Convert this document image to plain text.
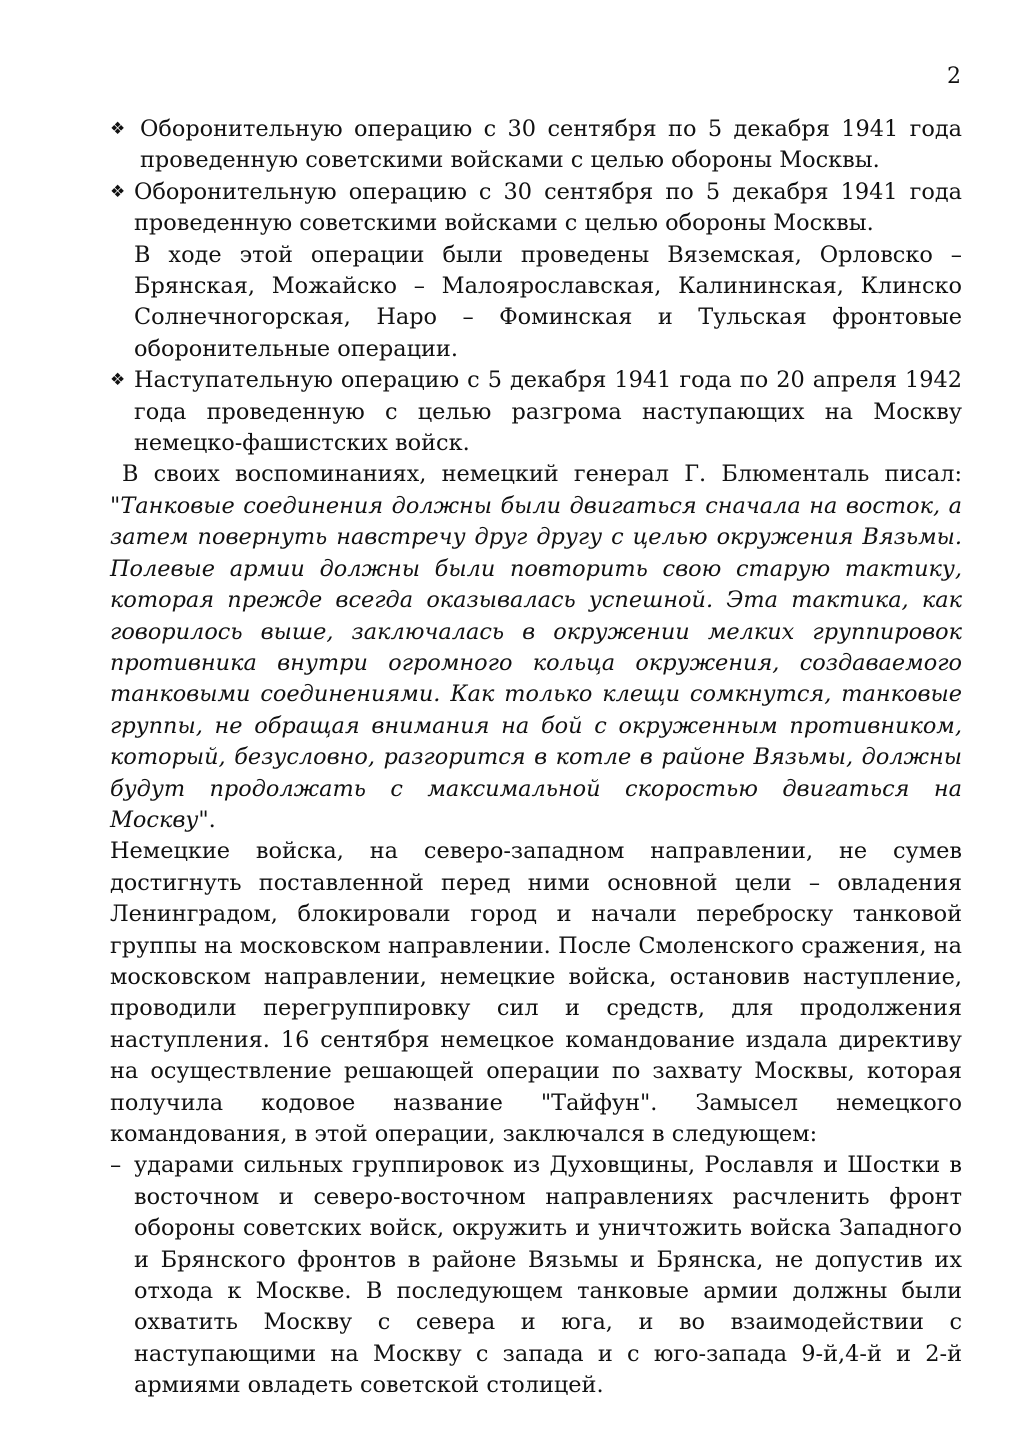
2
❖ Оборонительную операцию с 30 сентября по 5 декабря 1941 года проведенную советскими войсками с целью обороны Москвы.

❖ Оборонительную операцию с 30 сентября по 5 декабря 1941 года проведенную советскими войсками с целью обороны Москвы.

В ходе этой операции были проведены Вяземская, Орловско – Брянская, Можайско – Малоярославская, Калининская, Клинско Солнечногорская, Наро – Фоминская и Тульская фронтовые оборонительные операции.

❖ Наступательную операцию с 5 декабря 1941 года по 20 апреля 1942 года проведенную с целью разгрома наступающих на Москву немецко-фашистских войск.

В своих воспоминаниях, немецкий генерал Г. Блюменталь писал: "Танковые соединения должны были двигаться сначала на восток, а затем повернуть навстречу друг другу с целью окружения Вязьмы. Полевые армии должны были повторить свою старую тактику, которая прежде всегда оказывалась успешной. Эта тактика, как говорилось выше, заключалась в окружении мелких группировок противника внутри огромного кольца окружения, создаваемого танковыми соединениями. Как только клещи сомкнутся, танковые группы, не обращая внимания на бой с окруженным противником, который, безусловно, разгорится в котле в районе Вязьмы, должны будут продолжать с максимальной скоростью двигаться на Москву".

Немецкие войска, на северо-западном направлении, не сумев достигнуть поставленной перед ними основной цели – овладения Ленинградом, блокировали город и начали переброску танковой группы на московском направлении. После Смоленского сражения, на московском направлении, немецкие войска, остановив наступление, проводили перегруппировку сил и средств, для продолжения наступления. 16 сентября немецкое командование издала директиву на осуществление решающей операции по захвату Москвы, которая получила кодовое название "Тайфун". Замысел немецкого командования, в этой операции, заключался в следующем:

– ударами сильных группировок из Духовщины, Рославля и Шостки в восточном и северо-восточном направлениях расчленить фронт обороны советских войск, окружить и уничтожить войска Западного и Брянского фронтов в районе Вязьмы и Брянска, не допустив их отхода к Москве. В последующем танковые армии должны были охватить Москву с севера и юга, и во взаимодействии с наступающими на Москву с запада и с юго-запада 9-й,4-й и 2-й армиями овладеть советской столицей.
